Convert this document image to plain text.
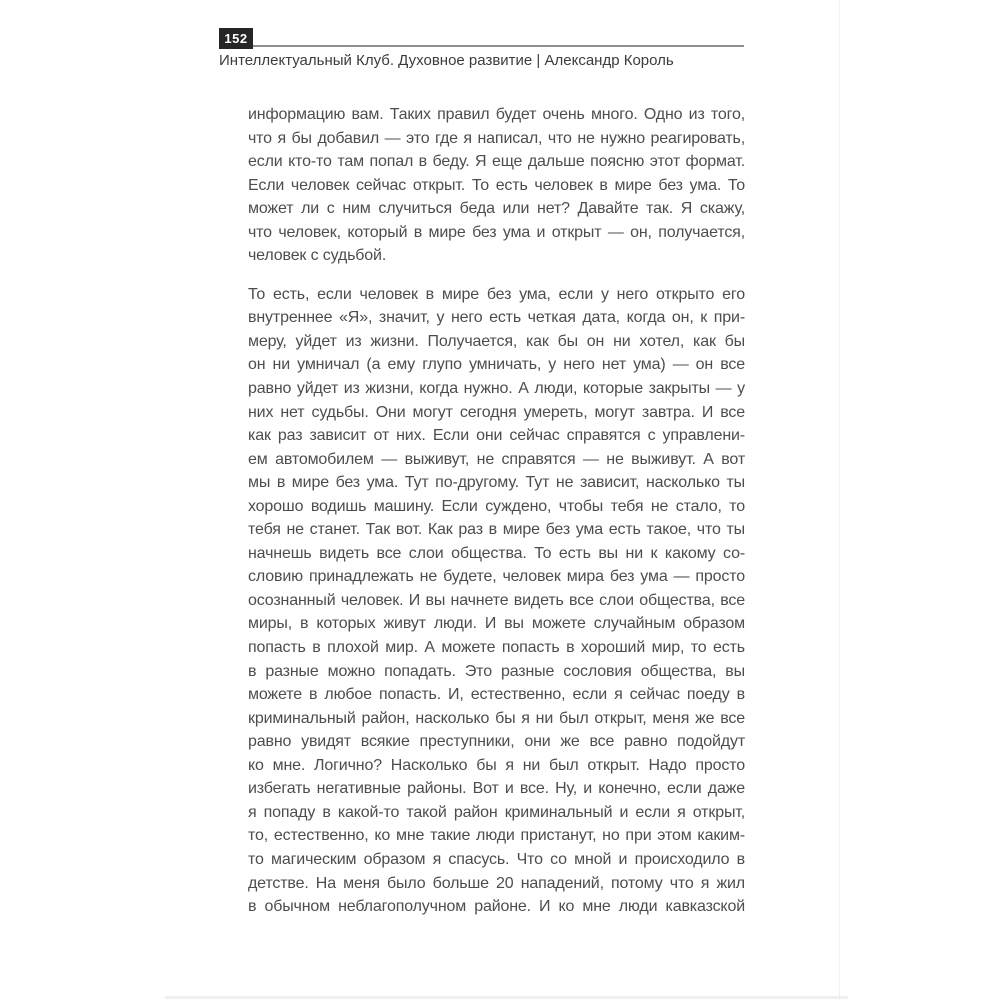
152
Интеллектуальный Клуб. Духовное развитие | Александр Король
информацию вам. Таких правил будет очень много. Одно из того,
что я бы добавил — это где я написал, что не нужно реагировать,
если кто-то там попал в беду. Я еще дальше поясню этот формат.
Если человек сейчас открыт. То есть человек в мире без ума. То
может ли с ним случиться беда или нет? Давайте так. Я скажу,
что человек, который в мире без ума и открыт — он, получается,
человек с судьбой.
То есть, если человек в мире без ума, если у него открыто его
внутреннее «Я», значит, у него есть четкая дата, когда он, к при-
меру, уйдет из жизни. Получается, как бы он ни хотел, как бы
он ни умничал (а ему глупо умничать, у него нет ума) — он все
равно уйдет из жизни, когда нужно. А люди, которые закрыты — у
них нет судьбы. Они могут сегодня умереть, могут завтра. И все
как раз зависит от них. Если они сейчас справятся с управлени-
ем автомобилем — выживут, не справятся — не выживут. А вот
мы в мире без ума. Тут по-другому. Тут не зависит, насколько ты
хорошо водишь машину. Если суждено, чтобы тебя не стало, то
тебя не станет. Так вот. Как раз в мире без ума есть такое, что ты
начнешь видеть все слои общества. То есть вы ни к какому со-
словию принадлежать не будете, человек мира без ума — просто
осознанный человек. И вы начнете видеть все слои общества, все
миры, в которых живут люди. И вы можете случайным образом
попасть в плохой мир. А можете попасть в хороший мир, то есть
в разные можно попадать. Это разные сословия общества, вы
можете в любое попасть. И, естественно, если я сейчас поеду в
криминальный район, насколько бы я ни был открыт, меня же все
равно увидят всякие преступники, они же все равно подойдут
ко мне. Логично? Насколько бы я ни был открыт. Надо просто
избегать негативные районы. Вот и все. Ну, и конечно, если даже
я попаду в какой-то такой район криминальный и если я открыт,
то, естественно, ко мне такие люди пристанут, но при этом каким-
то магическим образом я спасусь. Что со мной и происходило в
детстве. На меня было больше 20 нападений, потому что я жил
в обычном неблагополучном районе. И ко мне люди кавказской
